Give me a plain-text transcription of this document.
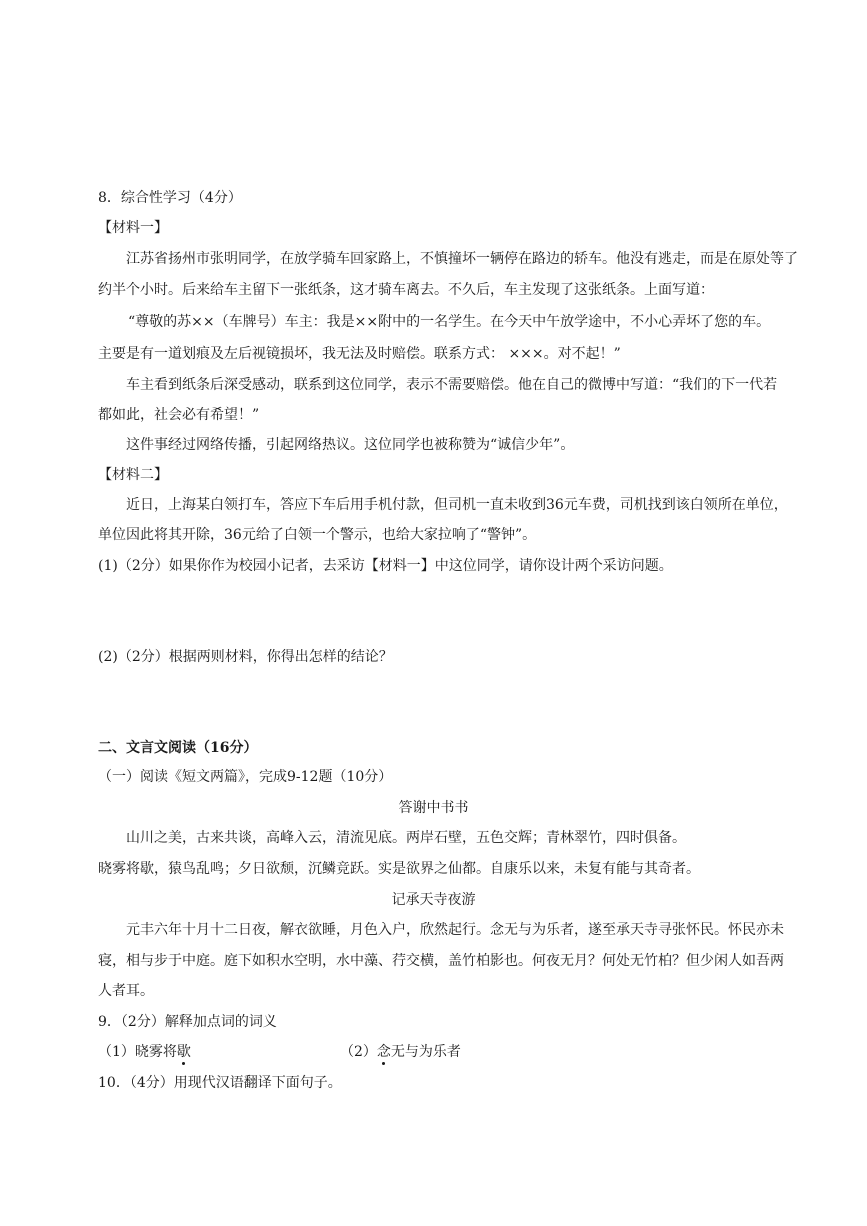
8．综合性学习（4分）
【材料一】
江苏省扬州市张明同学，在放学骑车回家路上，不慎撞坏一辆停在路边的轿车。他没有逃走，而是在原处等了
约半个小时。后来给车主留下一张纸条，这才骑车离去。不久后，车主发现了这张纸条。上面写道：
“尊敬的苏××（车牌号）车主：我是××附中的一名学生。在今天中午放学途中，不小心弄坏了您的车。
主要是有一道划痕及左后视镜损坏，我无法及时赔偿。联系方式： ×××。对不起！”
车主看到纸条后深受感动，联系到这位同学，表示不需要赔偿。他在自己的微博中写道：“我们的下一代若
都如此，社会必有希望！”
这件事经过网络传播，引起网络热议。这位同学也被称赞为“诚信少年”。
【材料二】
近日，上海某白领打车，答应下车后用手机付款，但司机一直未收到36元车费，司机找到该白领所在单位，
单位因此将其开除，36元给了白领一个警示，也给大家拉响了“警钟”。
(1)（2分）如果你作为校园小记者，去采访【材料一】中这位同学，请你设计两个采访问题。
(2)（2分）根据两则材料，你得出怎样的结论？
二、文言文阅读（16分）
（一）阅读《短文两篇》，完成9-12题（10分）
答谢中书书
山川之美，古来共谈，高峰入云，清流见底。两岸石壁，五色交辉；青林翠竹，四时俱备。
晓雾将歇，猿鸟乱鸣；夕日欲颓，沉鳞竞跃。实是欲界之仙都。自康乐以来，未复有能与其奇者。
记承天寺夜游
元丰六年十月十二日夜，解衣欲睡，月色入户，欣然起行。念无与为乐者，遂至承天寺寻张怀民。怀民亦未
寝，相与步于中庭。庭下如积水空明，水中藻、荇交横，盖竹柏影也。何夜无月？何处无竹柏？但少闲人如吾两
人者耳。
9．（2分）解释加点词的词义
（1）晓雾将歇	（2）念无与为乐者
10．（4分）用现代汉语翻译下面句子。
